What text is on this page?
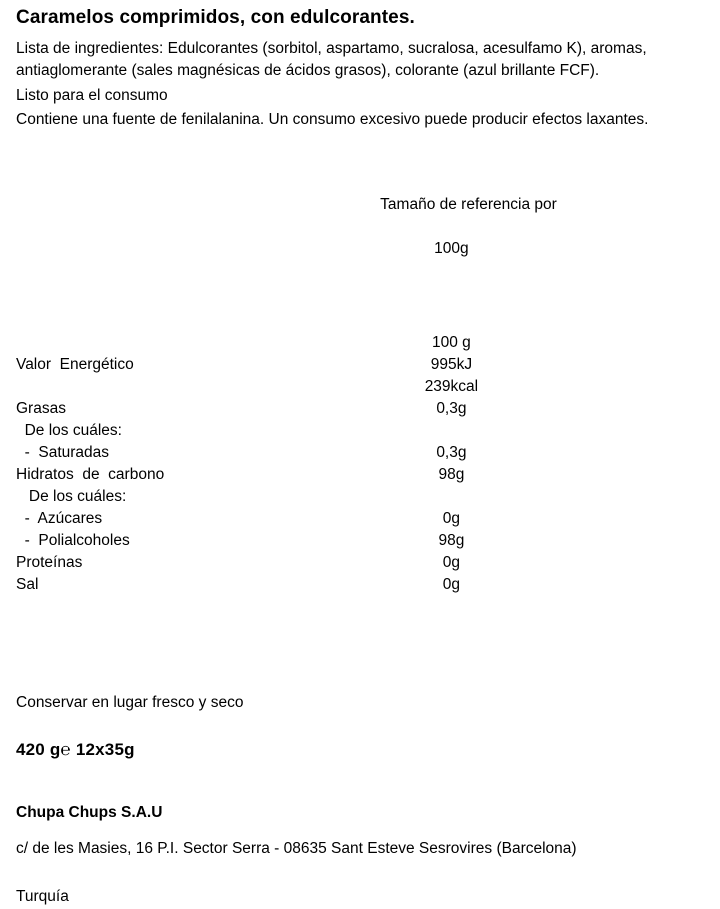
Caramelos comprimidos, con edulcorantes.

Lista de ingredientes: Edulcorantes (sorbitol, aspartamo, sucralosa, acesulfamo K), aromas, antiaglomerante (sales magnésicas de ácidos grasos), colorante (azul brillante FCF).

Listo para el consumo

Contiene una fuente de fenilalanina. Un consumo excesivo puede producir efectos laxantes.

Tamaño de referencia por

100g	

	100 g	
Valor  Energético	995kJ	
	239kcal	
Grasas	0,3g	
De los cuáles:		
-  Saturadas	0,3g	
Hidratos  de  carbono	98g	
De los cuáles:		
-  Azúcares	0g	
-  Polialcoholes	98g	
Proteínas	0g	
Sal	0g	

Conservar en lugar fresco y seco

420 g℮ 12x35g

Chupa Chups S.A.U

c/ de les Masies, 16 P.I. Sector Serra - 08635 Sant Esteve Sesrovires (Barcelona)

Turquía
